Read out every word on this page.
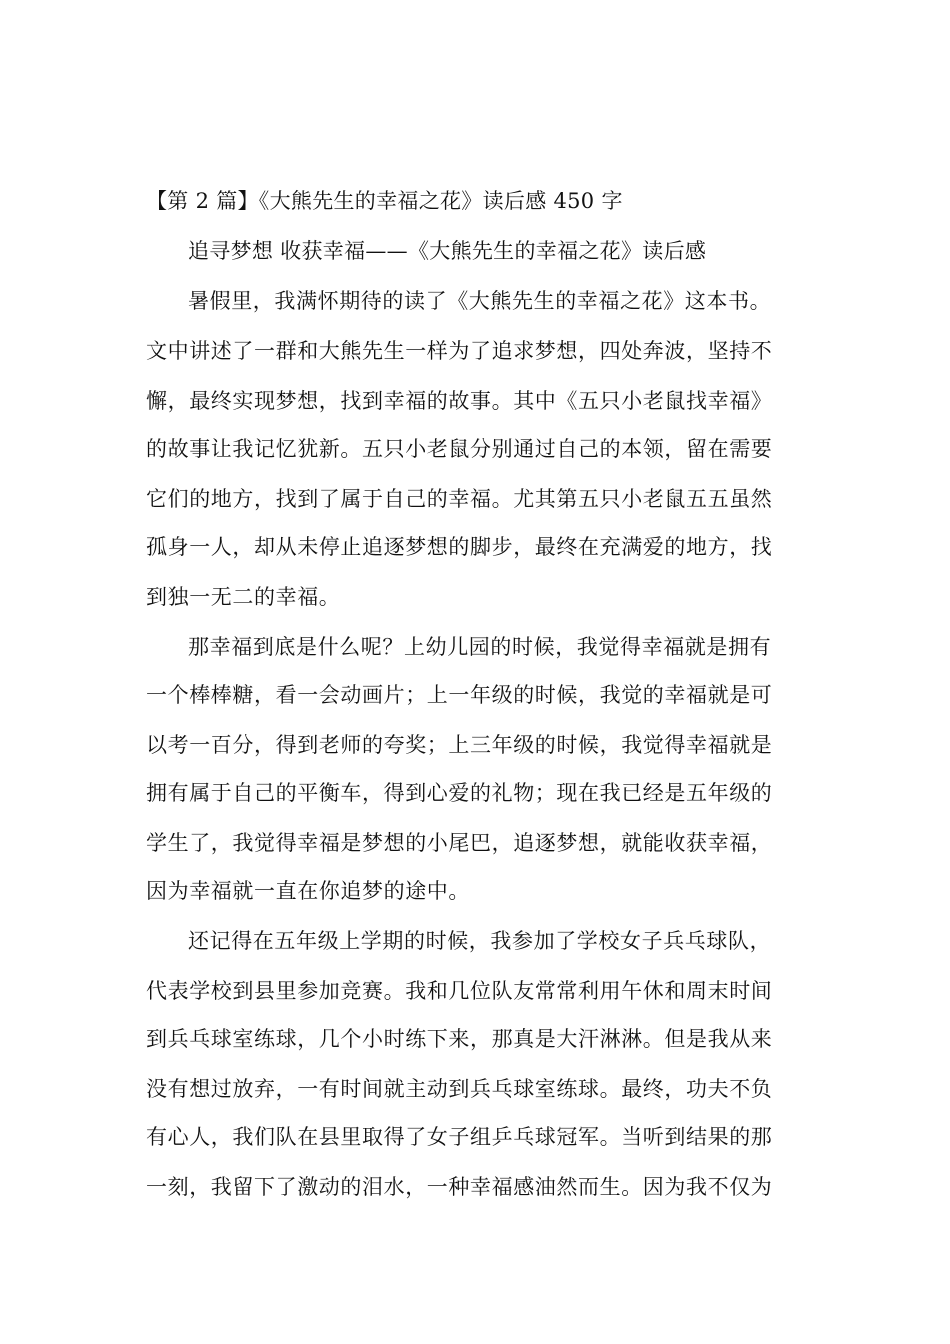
【第 2 篇】《大熊先生的幸福之花》读后感 450 字
追寻梦想 收获幸福——《大熊先生的幸福之花》读后感
暑假里，我满怀期待的读了《大熊先生的幸福之花》这本书。
文中讲述了一群和大熊先生一样为了追求梦想，四处奔波，坚持不
懈，最终实现梦想，找到幸福的故事。其中《五只小老鼠找幸福》
的故事让我记忆犹新。五只小老鼠分别通过自己的本领，留在需要
它们的地方，找到了属于自己的幸福。尤其第五只小老鼠五五虽然
孤身一人，却从未停止追逐梦想的脚步，最终在充满爱的地方，找
到独一无二的幸福。
那幸福到底是什么呢？上幼儿园的时候，我觉得幸福就是拥有
一个棒棒糖，看一会动画片；上一年级的时候，我觉的幸福就是可
以考一百分，得到老师的夸奖；上三年级的时候，我觉得幸福就是
拥有属于自己的平衡车，得到心爱的礼物；现在我已经是五年级的
学生了，我觉得幸福是梦想的小尾巴，追逐梦想，就能收获幸福，
因为幸福就一直在你追梦的途中。
还记得在五年级上学期的时候，我参加了学校女子兵乓球队，
代表学校到县里参加竞赛。我和几位队友常常利用午休和周末时间
到兵乓球室练球，几个小时练下来，那真是大汗淋淋。但是我从来
没有想过放弃，一有时间就主动到兵乓球室练球。最终，功夫不负
有心人，我们队在县里取得了女子组乒乓球冠军。当听到结果的那
一刻，我留下了激动的泪水，一种幸福感油然而生。因为我不仅为
